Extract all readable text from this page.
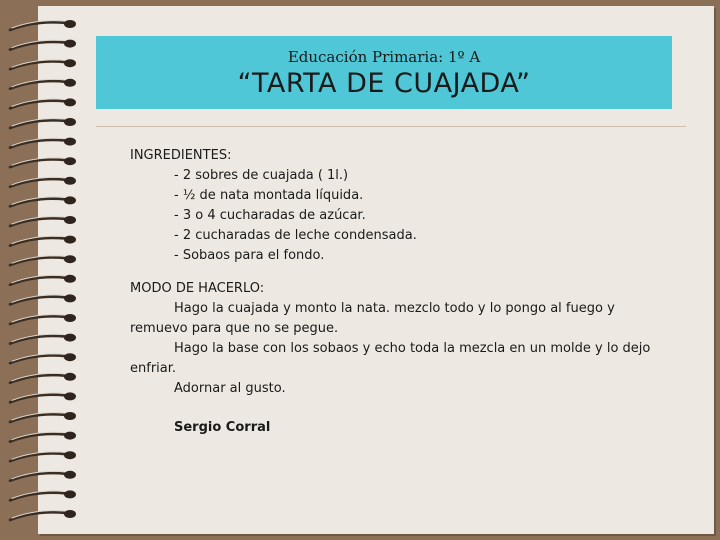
Educación Primaria: 1º A
“TARTA DE CUAJADA”
INGREDIENTES:
- 2 sobres de cuajada ( 1l.)
- ½ de nata montada líquida.
- 3 o 4 cucharadas de azúcar.
- 2 cucharadas de leche condensada.
- Sobaos para el fondo.
MODO DE HACERLO:

Hago la cuajada y monto la nata. mezclo todo y lo pongo al fuego y remuevo para que no se pegue.

Hago la base con los sobaos y echo toda la mezcla en un molde y lo dejo enfriar.

Adornar al gusto.

Sergio Corral
